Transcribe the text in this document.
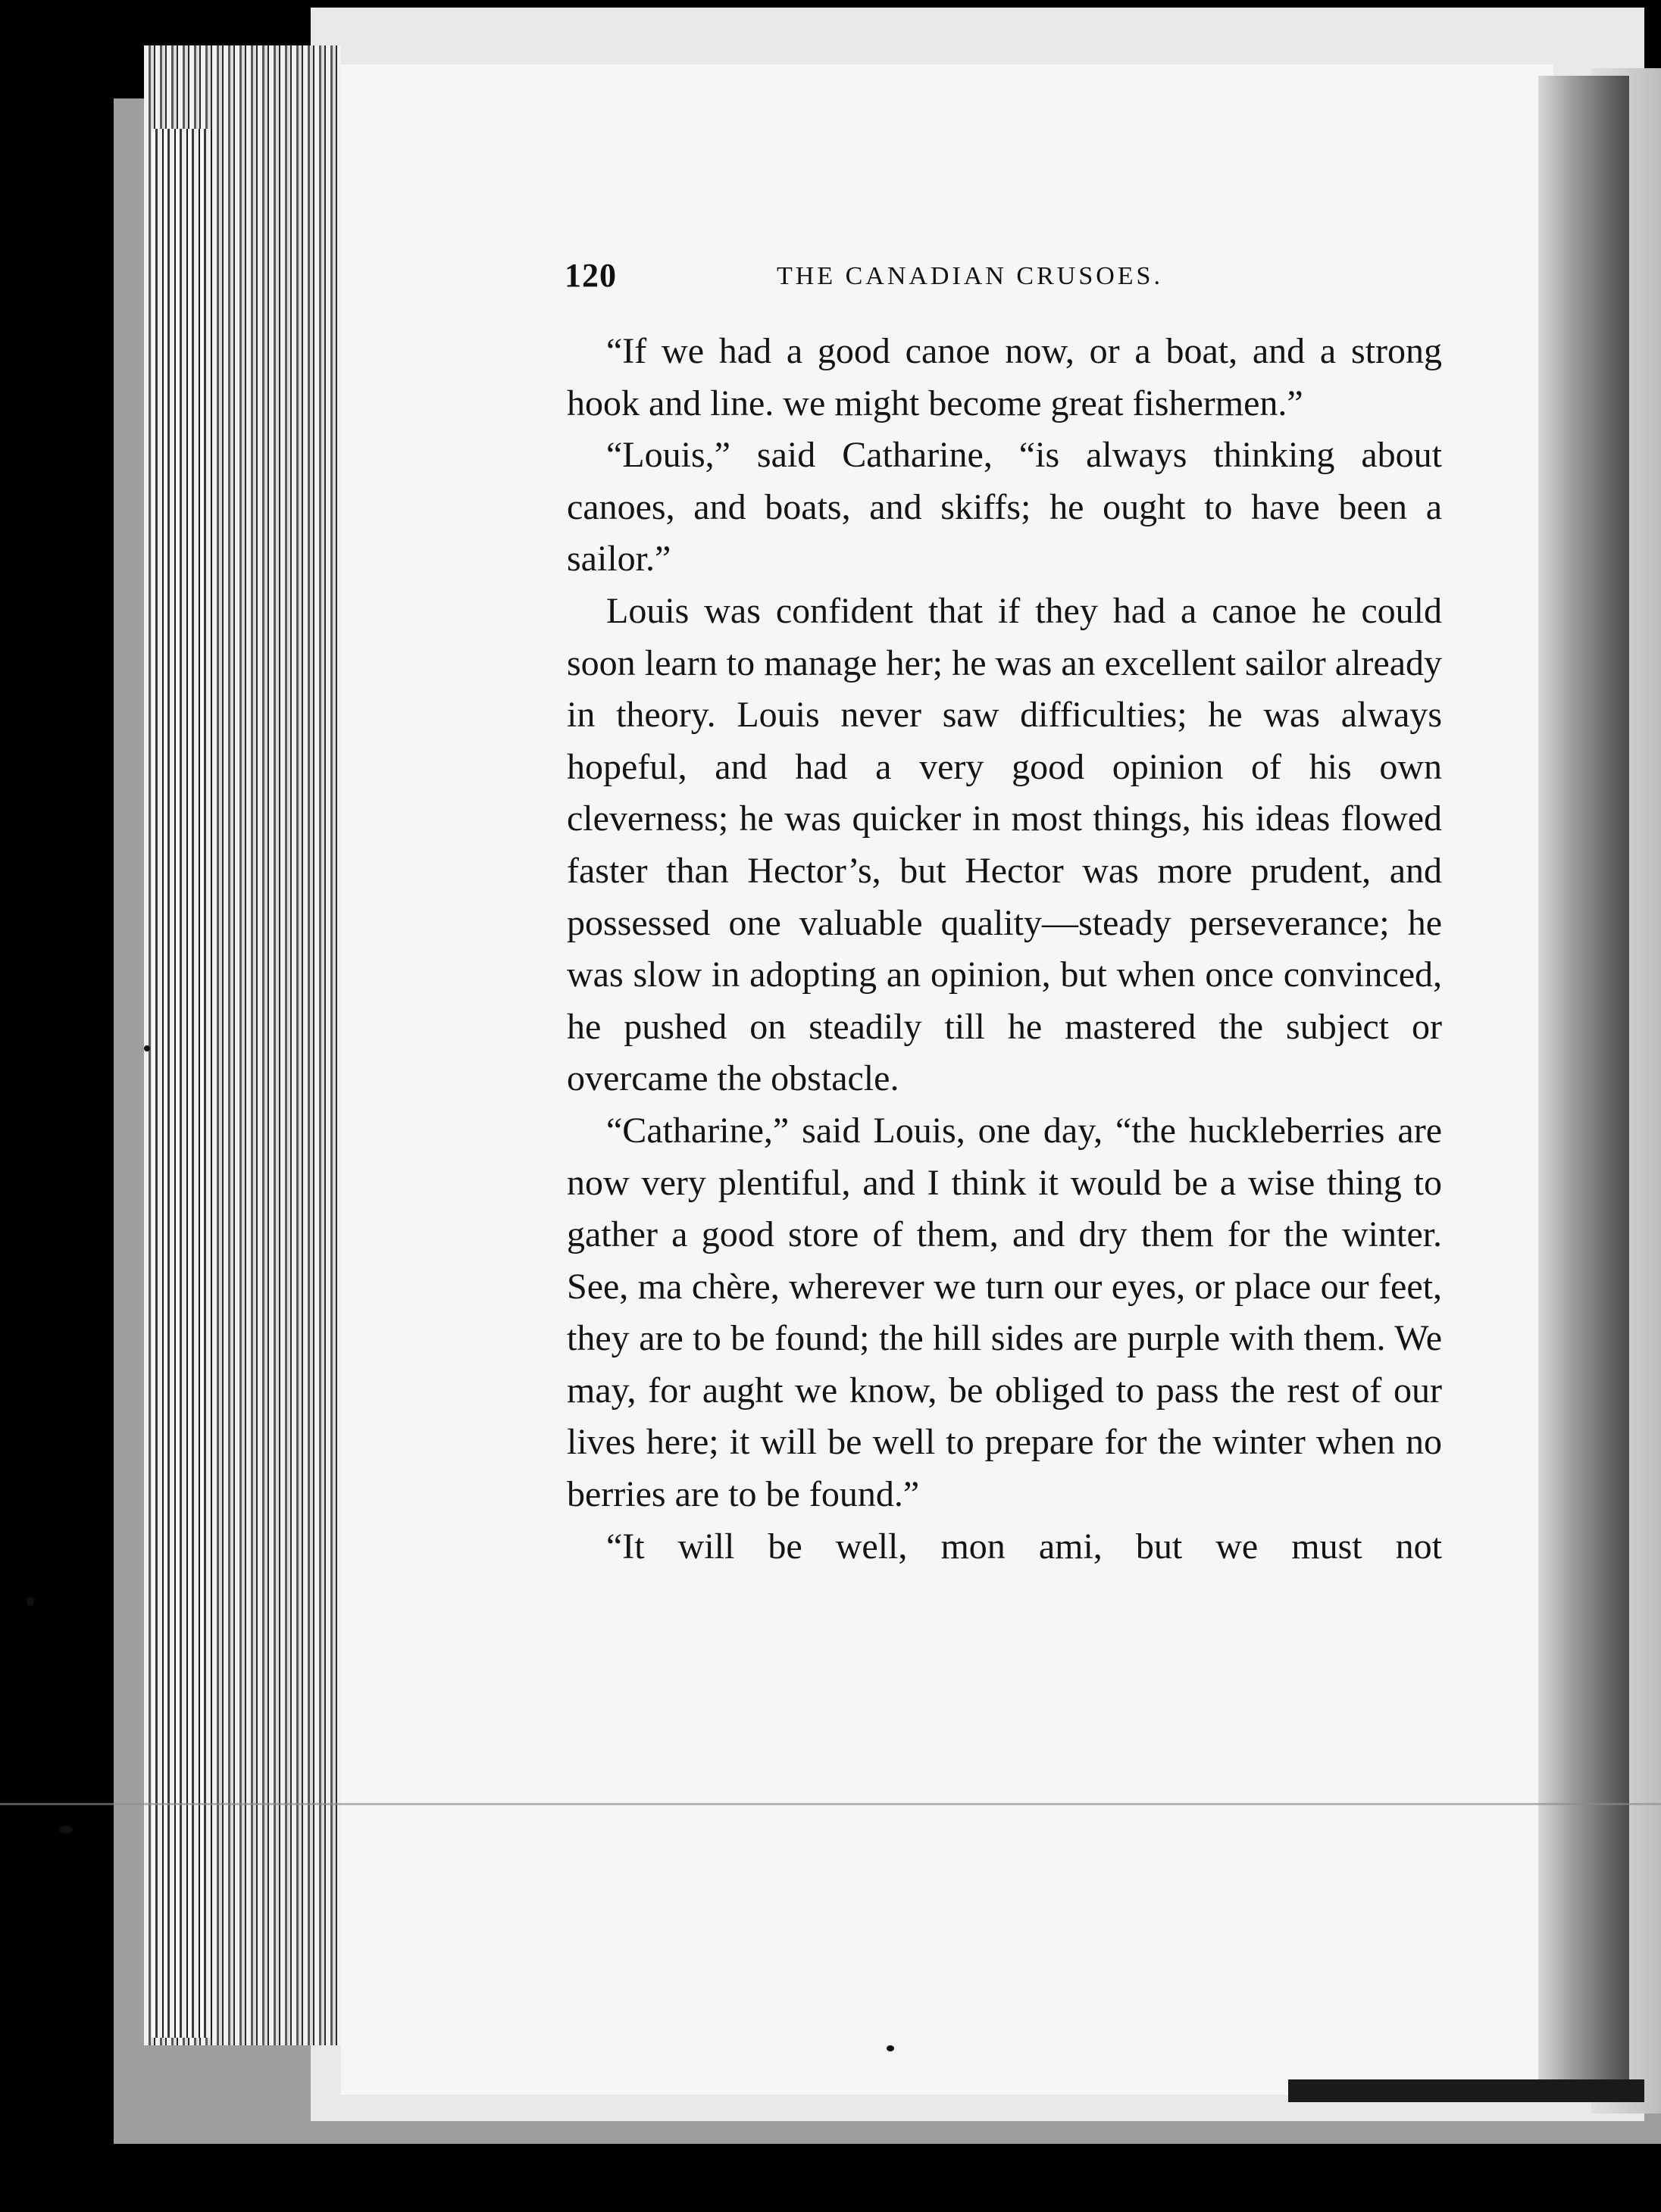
120	THE CANADIAN CRUSOES.

“If we had a good canoe now, or a boat, and a strong hook and line. we might become great fishermen.”

“Louis,” said Catharine, “is always thinking about canoes, and boats, and skiffs; he ought to have been a sailor.”

Louis was confident that if they had a canoe he could soon learn to manage her; he was an excellent sailor already in theory. Louis never saw difficulties; he was always hopeful, and had a very good opinion of his own cleverness; he was quicker in most things, his ideas flowed faster than Hector’s, but Hector was more prudent, and possessed one valuable quality—steady perseverance; he was slow in adopting an opinion, but when once convinced, he pushed on steadily till he mastered the subject or overcame the obstacle.

“Catharine,” said Louis, one day, “the huckleberries are now very plentiful, and I think it would be a wise thing to gather a good store of them, and dry them for the winter. See, ma chère, wherever we turn our eyes, or place our feet, they are to be found; the hill sides are purple with them. We may, for aught we know, be obliged to pass the rest of our lives here; it will be well to prepare for the winter when no berries are to be found.”

“It will be well, mon ami, but we must not
